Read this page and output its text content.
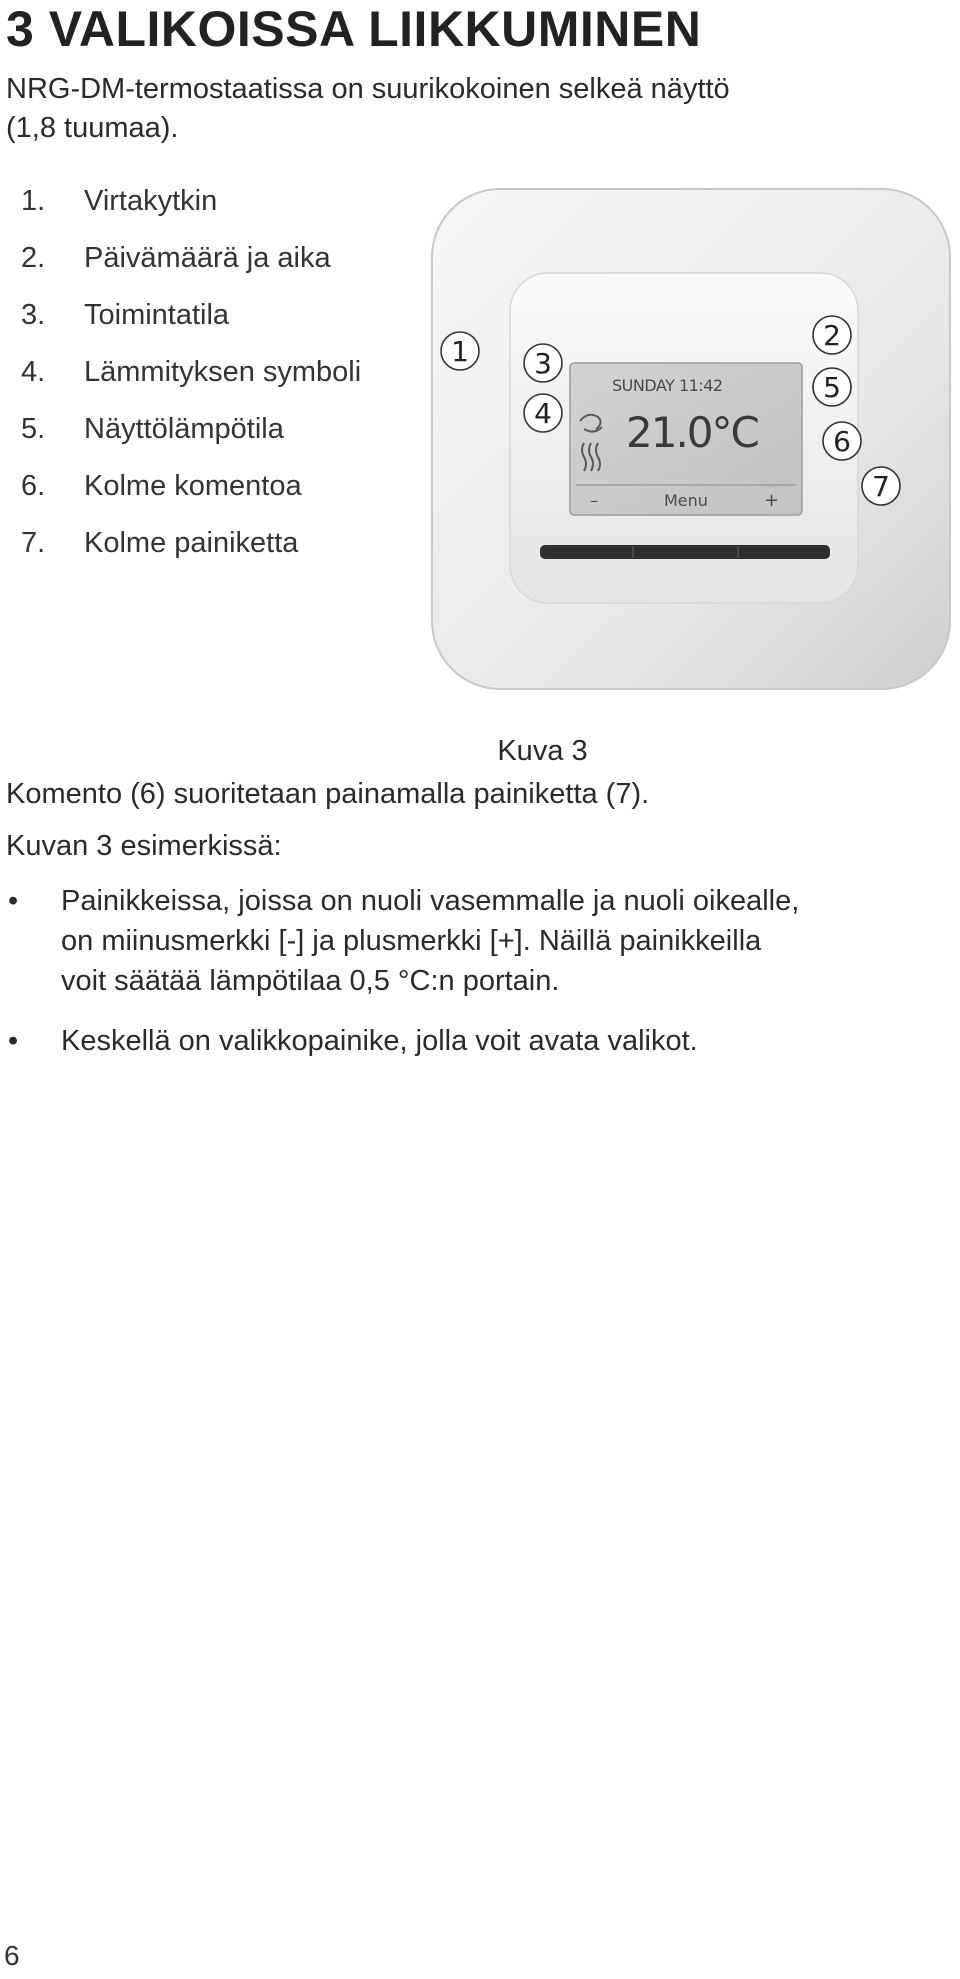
3 VALIKOISSA LIIKKUMINEN
NRG-DM-termostaatissa on suurikokoinen selkeä näyttö
(1,8 tuumaa).
1. Virtakytkin
2. Päivämäärä ja aika
3. Toimintatila
4. Lämmityksen symboli
5. Näyttölämpötila
6. Kolme komentoa
7. Kolme painiketta
SUNDAY 11:42
21.0°C
–	Menu	+
1	2
3
4
5
6
7
Kuva 3
Komento (6) suoritetaan painamalla painiketta (7).
Kuvan 3 esimerkissä:
• Painikkeissa, joissa on nuoli vasemmalle ja nuoli oikealle,
on miinusmerkki [-] ja plusmerkki [+]. Näillä painikkeilla
voit säätää lämpötilaa 0,5 °C:n portain.
• Keskellä on valikkopainike, jolla voit avata valikot.
6
